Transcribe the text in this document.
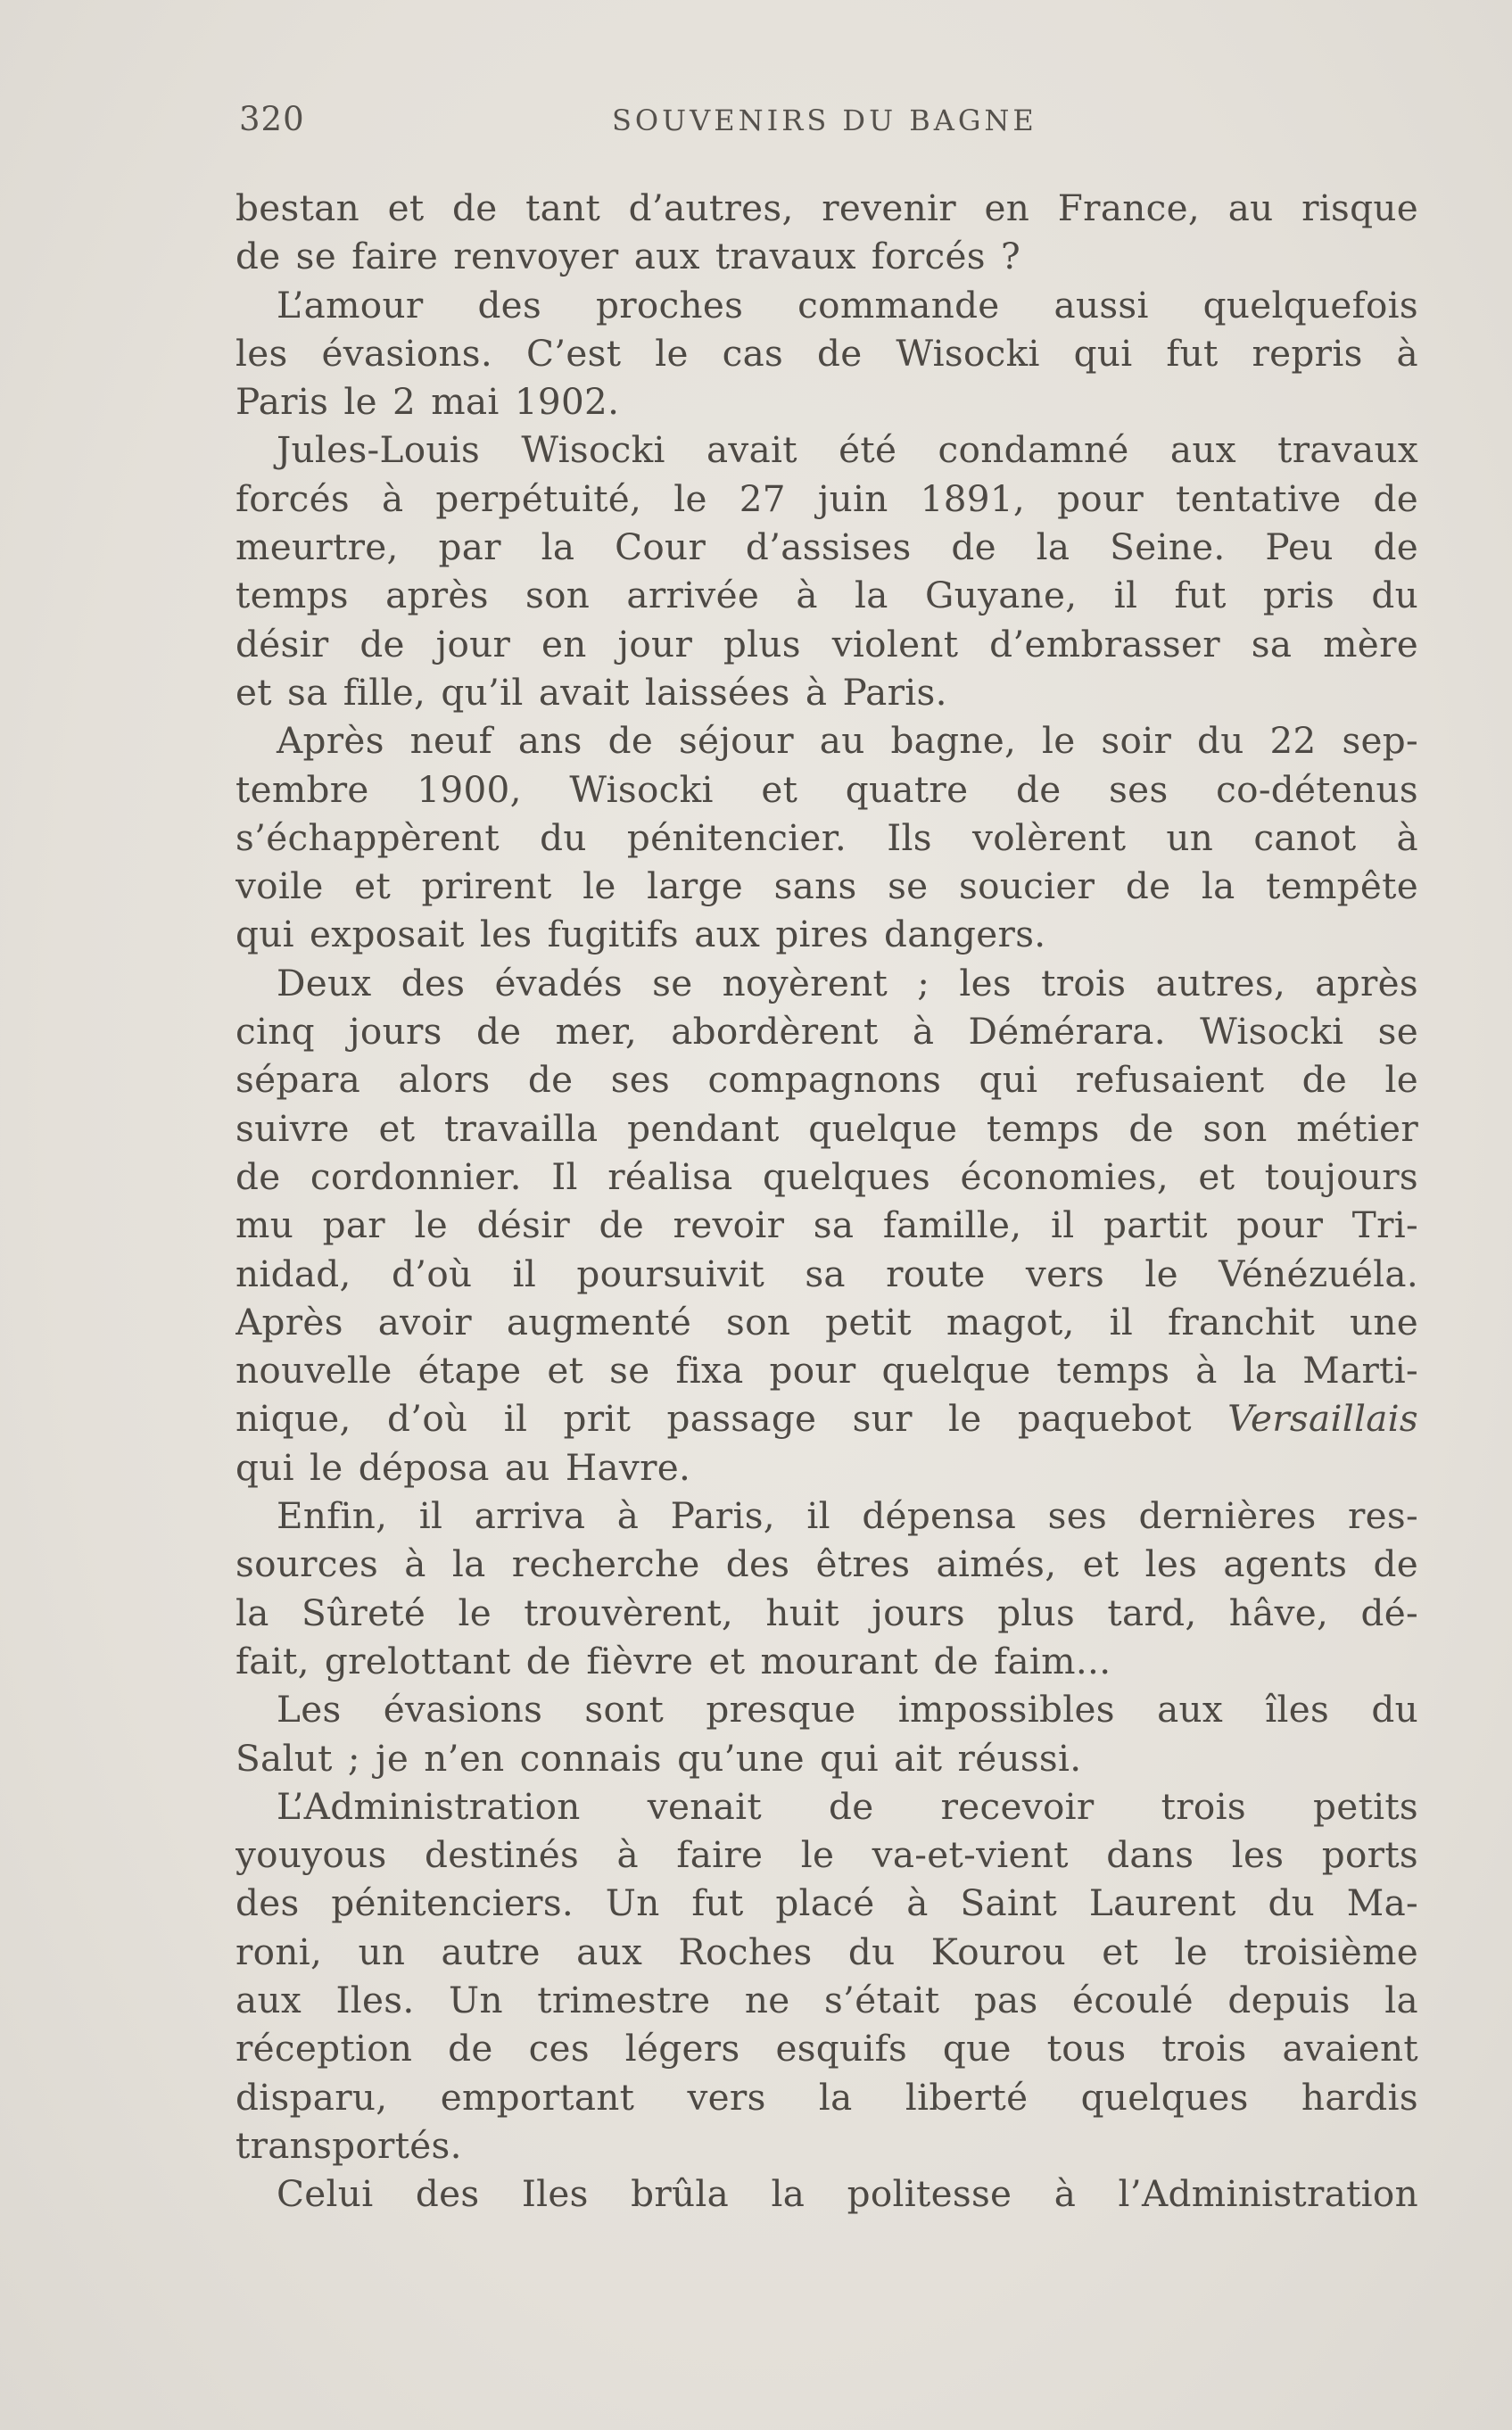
320	SOUVENIRS DU BAGNE
bestan et de tant d’autres, revenir en France, au risque
de se faire renvoyer aux travaux forcés ?
L’amour des proches commande aussi quelquefois
les évasions. C’est le cas de Wisocki qui fut repris à
Paris le 2 mai 1902.
Jules-Louis Wisocki avait été condamné aux travaux
forcés à perpétuité, le 27 juin 1891, pour tentative de
meurtre, par la Cour d’assises de la Seine. Peu de
temps après son arrivée à la Guyane, il fut pris du
désir de jour en jour plus violent d’embrasser sa mère
et sa fille, qu’il avait laissées à Paris.
Après neuf ans de séjour au bagne, le soir du 22 sep-
tembre 1900, Wisocki et quatre de ses co-détenus
s’échappèrent du pénitencier. Ils volèrent un canot à
voile et prirent le large sans se soucier de la tempête
qui exposait les fugitifs aux pires dangers.
Deux des évadés se noyèrent ; les trois autres, après
cinq jours de mer, abordèrent à Démérara. Wisocki se
sépara alors de ses compagnons qui refusaient de le
suivre et travailla pendant quelque temps de son métier
de cordonnier. Il réalisa quelques économies, et toujours
mu par le désir de revoir sa famille, il partit pour Tri-
nidad, d’où il poursuivit sa route vers le Vénézuéla.
Après avoir augmenté son petit magot, il franchit une
nouvelle étape et se fixa pour quelque temps à la Marti-
nique, d’où il prit passage sur le paquebot Versaillais
qui le déposa au Havre.
Enfin, il arriva à Paris, il dépensa ses dernières res-
sources à la recherche des êtres aimés, et les agents de
la Sûreté le trouvèrent, huit jours plus tard, hâve, dé-
fait, grelottant de fièvre et mourant de faim...
Les évasions sont presque impossibles aux îles du
Salut ; je n’en connais qu’une qui ait réussi.
L’Administration venait de recevoir trois petits
youyous destinés à faire le va-et-vient dans les ports
des pénitenciers. Un fut placé à Saint Laurent du Ma-
roni, un autre aux Roches du Kourou et le troisième
aux Iles. Un trimestre ne s’était pas écoulé depuis la
réception de ces légers esquifs que tous trois avaient
disparu, emportant vers la liberté quelques hardis
transportés.
Celui des Iles brûla la politesse à l’Administration
